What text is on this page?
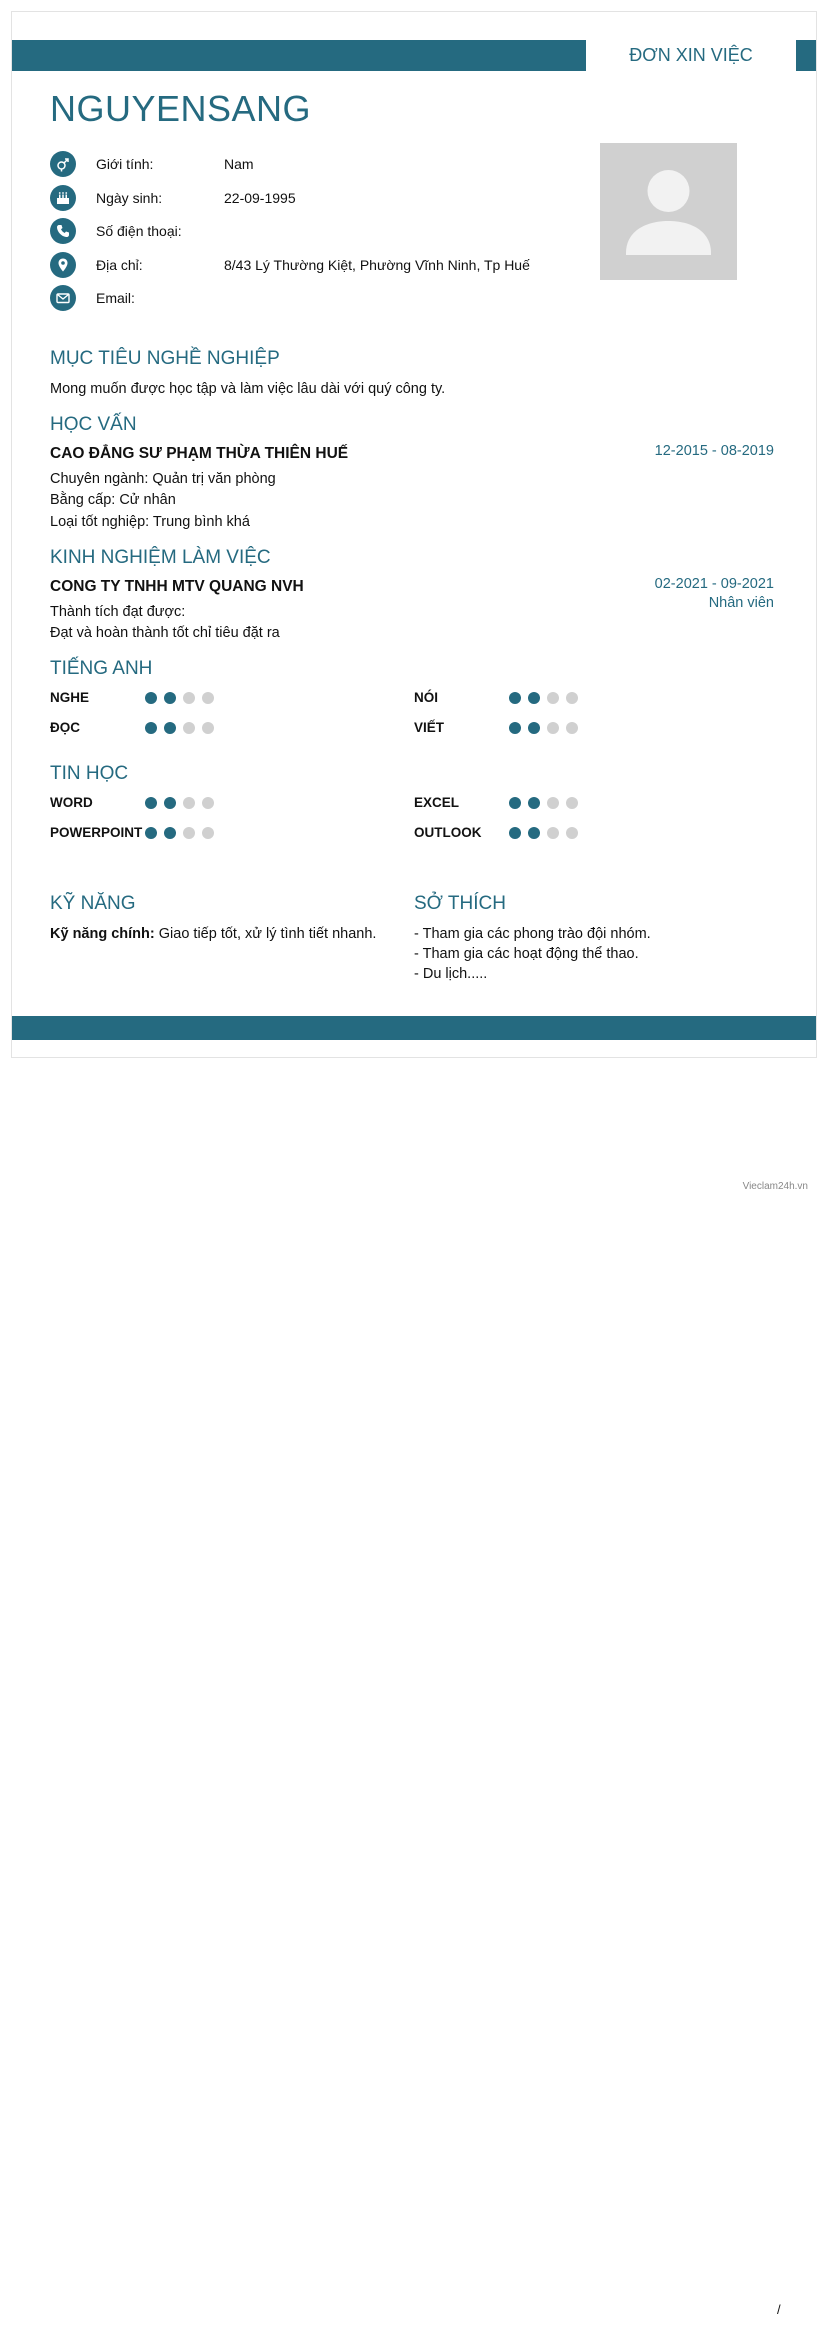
ĐƠN XIN VIỆC
NGUYENSANG
Giới tính:	Nam
Ngày sinh:	22-09-1995
Số điện thoại:
Địa chỉ:	8/43 Lý Thường Kiệt, Phường Vĩnh Ninh, Tp Huế
Email:
MỤC TIÊU NGHỀ NGHIỆP
Mong muốn được học tập và làm việc lâu dài với quý công ty.
HỌC VẤN
CAO ĐẲNG SƯ PHẠM THỪA THIÊN HUẾ	12-2015 - 08-2019
Chuyên ngành: Quản trị văn phòng
Bằng cấp: Cử nhân
Loại tốt nghiệp: Trung bình khá
KINH NGHIỆM LÀM VIỆC
CONG TY TNHH MTV QUANG NVH	02-2021 - 09-2021
Nhân viên
Thành tích đạt được:
Đạt và hoàn thành tốt chỉ tiêu đặt ra
TIẾNG ANH
NGHE	NÓI
ĐỌC	VIẾT
TIN HỌC
WORD	EXCEL
POWERPOINT	OUTLOOK
KỸ NĂNG
Kỹ năng chính: Giao tiếp tốt, xử lý tình tiết nhanh.
SỞ THÍCH
- Tham gia các phong trào đội nhóm.
- Tham gia các hoạt động thể thao.
- Du lịch.....
Vieclam24h.vn
/
